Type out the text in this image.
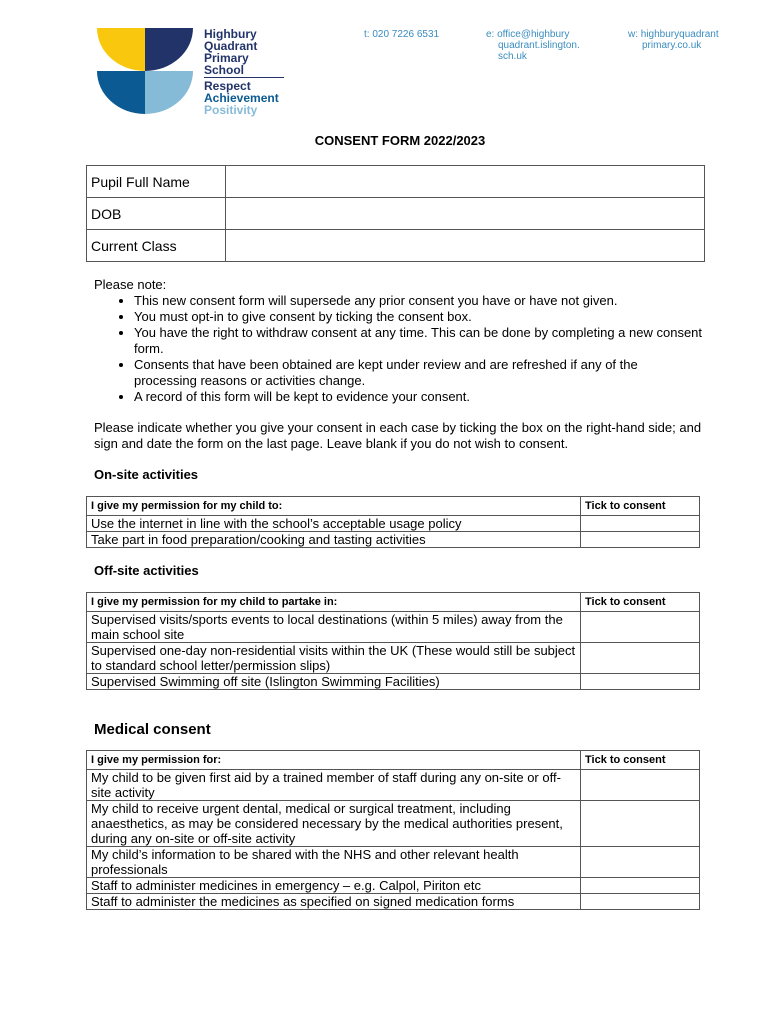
Highbury
Quadrant
Primary
School
Respect
Achievement
Positivity
t: 020 7226 6531	e: office@highbury
quadrant.islington.
sch.uk
w: highburyquadrant
primary.co.uk
CONSENT FORM 2022/2023
Pupil Full Name	
DOB	
Current Class	

Please note:

• This new consent form will supersede any prior consent you have or have not given.
• You must opt-in to give consent by ticking the consent box.
• You have the right to withdraw consent at any time. This can be done by completing a new consent form.
• Consents that have been obtained are kept under review and are refreshed if any of the processing reasons or activities change.
• A record of this form will be kept to evidence your consent.
Please indicate whether you give your consent in each case by ticking the box on the right-hand side; and sign and date the form on the last page. Leave blank if you do not wish to consent.
On-site activities
I give my permission for my child to:	Tick to consent
Use the internet in line with the school’s acceptable usage policy	
Take part in food preparation/cooking and tasting activities	
Off-site activities
I give my permission for my child to partake in:	Tick to consent
Supervised visits/sports events to local destinations (within 5 miles) away from the main school site	
Supervised one-day non-residential visits within the UK (These would still be subject to standard school letter/permission slips)	
Supervised Swimming off site (Islington Swimming Facilities)	
Medical consent
I give my permission for:	Tick to consent
My child to be given first aid by a trained member of staff during any on-site or off-site activity	
My child to receive urgent dental, medical or surgical treatment, including anaesthetics, as may be considered necessary by the medical authorities present, during any on-site or off-site activity	
My child’s information to be shared with the NHS and other relevant health professionals	
Staff to administer medicines in emergency – e.g. Calpol, Piriton etc	
Staff to administer the medicines as specified on signed medication forms	
